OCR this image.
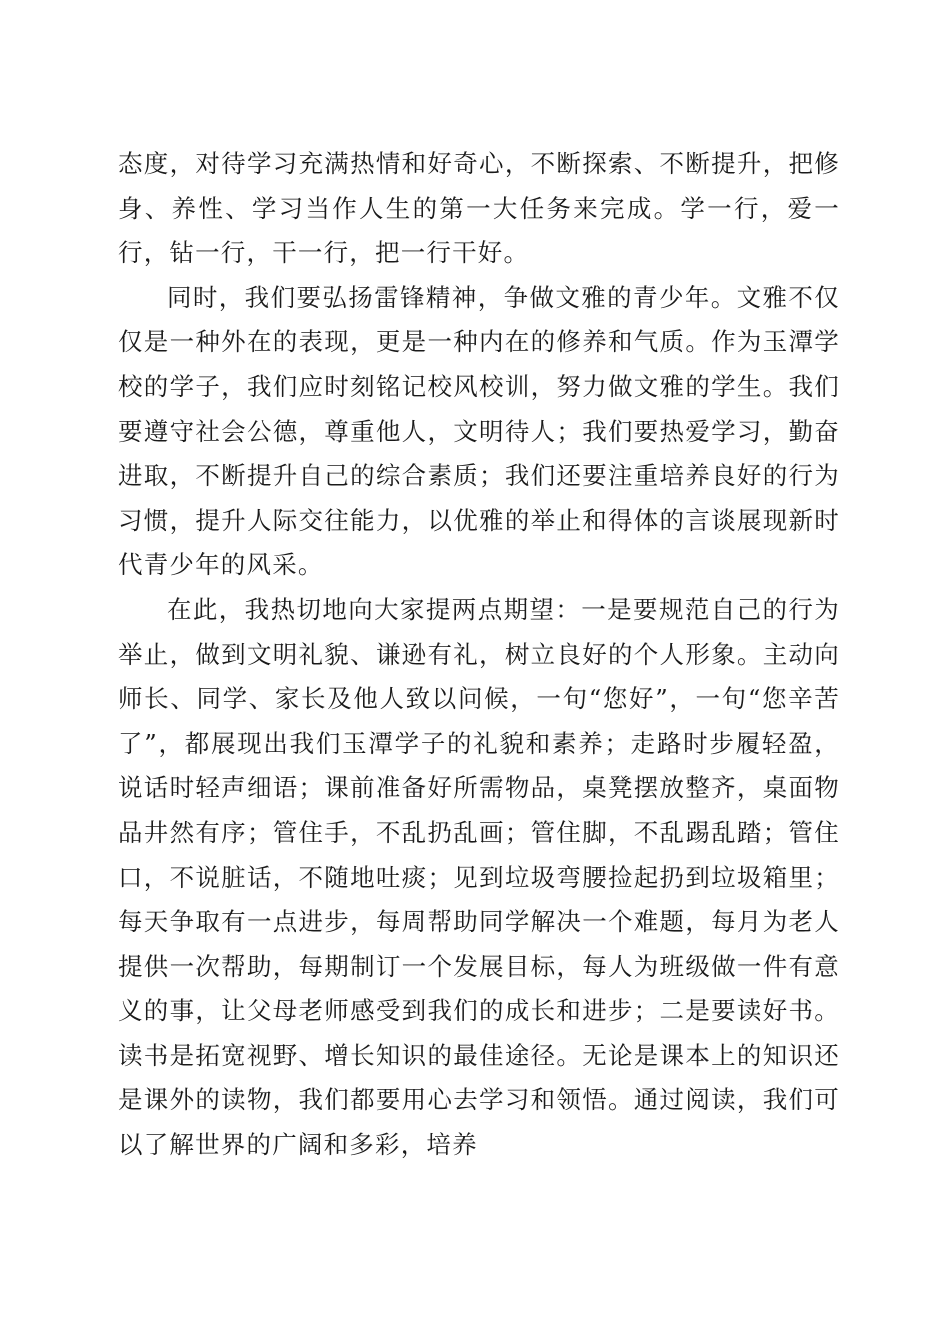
态度，对待学习充满热情和好奇心，不断探索、不断提升，把修身、养性、学习当作人生的第一大任务来完成。学一行，爱一行，钻一行，干一行，把一行干好。

同时，我们要弘扬雷锋精神，争做文雅的青少年。文雅不仅仅是一种外在的表现，更是一种内在的修养和气质。作为玉潭学校的学子，我们应时刻铭记校风校训，努力做文雅的学生。我们要遵守社会公德，尊重他人，文明待人；我们要热爱学习，勤奋进取，不断提升自己的综合素质；我们还要注重培养良好的行为习惯，提升人际交往能力，以优雅的举止和得体的言谈展现新时代青少年的风采。

在此，我热切地向大家提两点期望：一是要规范自己的行为举止，做到文明礼貌、谦逊有礼，树立良好的个人形象。主动向师长、同学、家长及他人致以问候，一句“您好”，一句“您辛苦了”，都展现出我们玉潭学子的礼貌和素养；走路时步履轻盈，说话时轻声细语；课前准备好所需物品，桌凳摆放整齐，桌面物品井然有序；管住手，不乱扔乱画；管住脚，不乱踢乱踏；管住口，不说脏话，不随地吐痰；见到垃圾弯腰捡起扔到垃圾箱里；每天争取有一点进步，每周帮助同学解决一个难题，每月为老人提供一次帮助，每期制订一个发展目标，每人为班级做一件有意义的事，让父母老师感受到我们的成长和进步；二是要读好书。读书是拓宽视野、增长知识的最佳途径。无论是课本上的知识还是课外的读物，我们都要用心去学习和领悟。通过阅读，我们可以了解世界的广阔和多彩，培养
